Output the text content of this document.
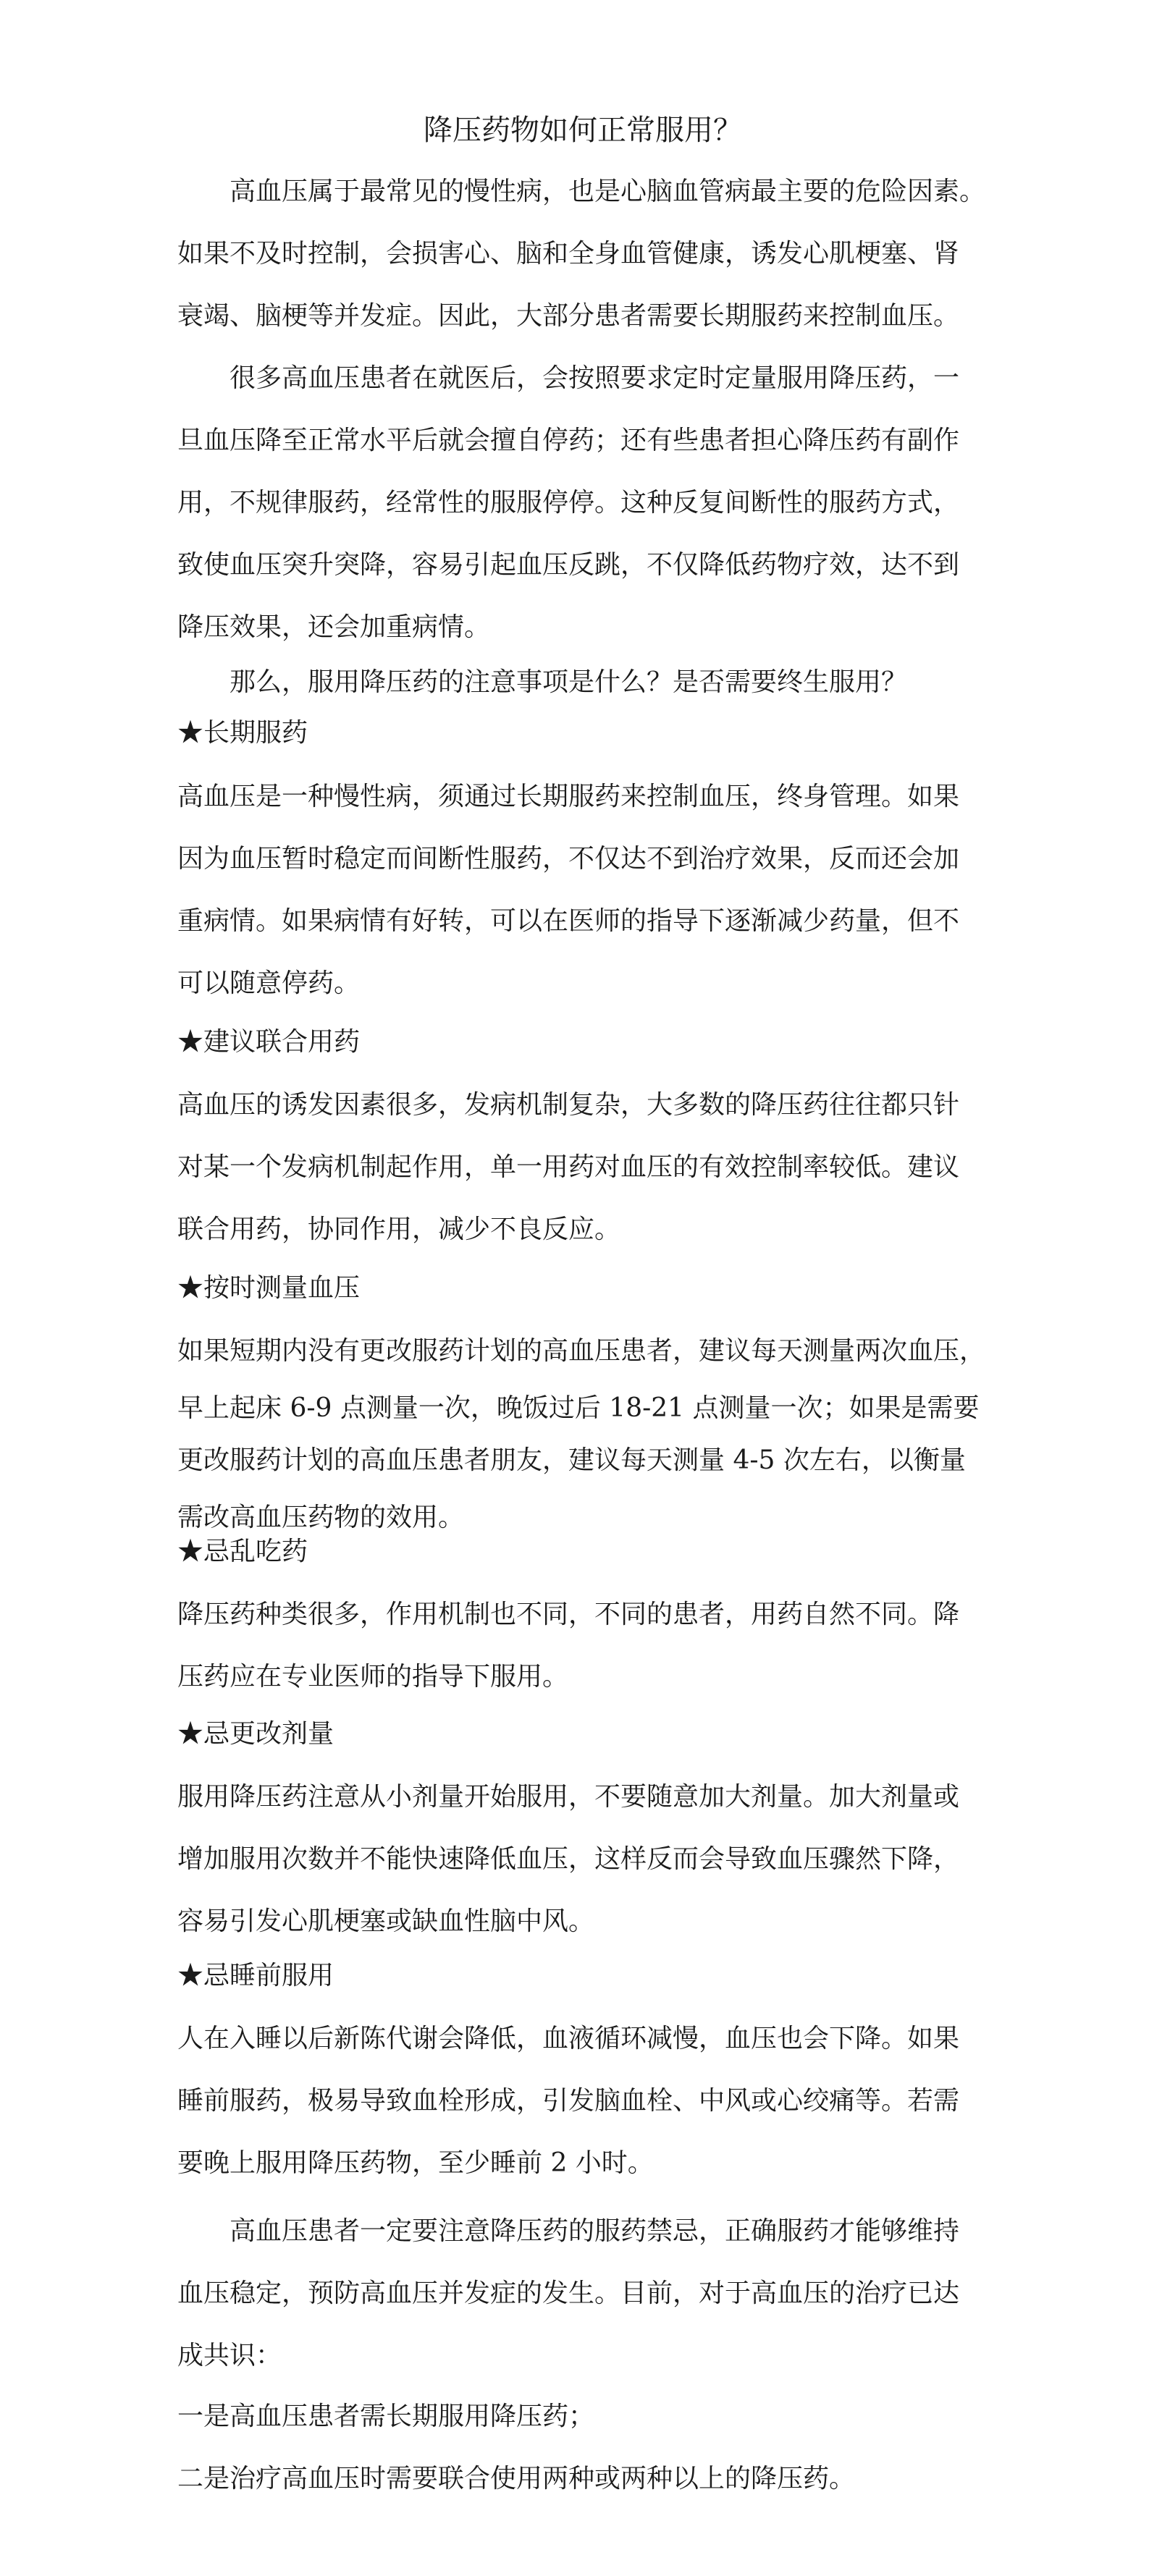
降压药物如何正常服用？
高血压属于最常见的慢性病，也是心脑血管病最主要的危险因素。
如果不及时控制，会损害心、脑和全身血管健康，诱发心肌梗塞、肾
衰竭、脑梗等并发症。因此，大部分患者需要长期服药来控制血压。
很多高血压患者在就医后，会按照要求定时定量服用降压药，一
旦血压降至正常水平后就会擅自停药；还有些患者担心降压药有副作
用，不规律服药，经常性的服服停停。这种反复间断性的服药方式，
致使血压突升突降，容易引起血压反跳，不仅降低药物疗效，达不到
降压效果，还会加重病情。
那么，服用降压药的注意事项是什么？是否需要终生服用？
★长期服药
高血压是一种慢性病，须通过长期服药来控制血压，终身管理。如果
因为血压暂时稳定而间断性服药，不仅达不到治疗效果，反而还会加
重病情。如果病情有好转，可以在医师的指导下逐渐减少药量，但不
可以随意停药。
★建议联合用药
高血压的诱发因素很多，发病机制复杂，大多数的降压药往往都只针
对某一个发病机制起作用，单一用药对血压的有效控制率较低。建议
联合用药，协同作用，减少不良反应。
★按时测量血压
如果短期内没有更改服药计划的高血压患者，建议每天测量两次血压，
早上起床 6-9 点测量一次，晚饭过后 18-21 点测量一次；如果是需要
更改服药计划的高血压患者朋友，建议每天测量 4-5 次左右，以衡量
需改高血压药物的效用。
★忌乱吃药
降压药种类很多，作用机制也不同，不同的患者，用药自然不同。降
压药应在专业医师的指导下服用。
★忌更改剂量
服用降压药注意从小剂量开始服用，不要随意加大剂量。加大剂量或
增加服用次数并不能快速降低血压，这样反而会导致血压骤然下降，
容易引发心肌梗塞或缺血性脑中风。
★忌睡前服用
人在入睡以后新陈代谢会降低，血液循环减慢，血压也会下降。如果
睡前服药，极易导致血栓形成，引发脑血栓、中风或心绞痛等。若需
要晚上服用降压药物，至少睡前 2 小时。
高血压患者一定要注意降压药的服药禁忌，正确服药才能够维持
血压稳定，预防高血压并发症的发生。目前，对于高血压的治疗已达
成共识：
一是高血压患者需长期服用降压药；
二是治疗高血压时需要联合使用两种或两种以上的降压药。
